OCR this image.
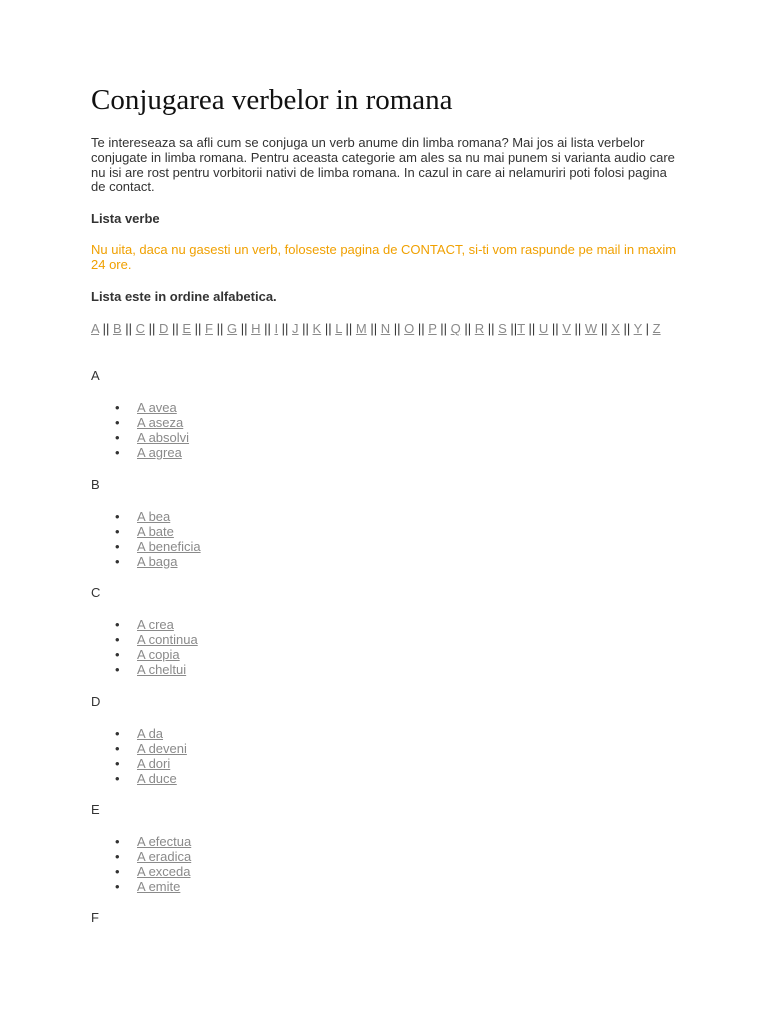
Conjugarea verbelor in romana
Te intereseaza sa afli cum se conjuga un verb anume din limba romana? Mai jos ai lista verbelor conjugate in limba romana. Pentru aceasta categorie am ales sa nu mai punem si varianta audio care nu isi are rost pentru vorbitorii nativi de limba romana. In cazul in care ai nelamuriri poti folosi pagina de contact.
Lista verbe
Nu uita, daca nu gasesti un verb, foloseste pagina de CONTACT, si-ti vom raspunde pe mail in maxim 24 ore.
Lista este in ordine alfabetica.
A || B || C || D || E || F || G || H || I || J || K || L || M || N || O || P || Q || R || S ||T || U || V || W || X || Y | Z
A
• A avea
• A aseza
• A absolvi
• A agrea
B
• A bea
• A bate
• A beneficia
• A baga
C
• A crea
• A continua
• A copia
• A cheltui
D
• A da
• A deveni
• A dori
• A duce
E
• A efectua
• A eradica
• A exceda
• A emite
F
